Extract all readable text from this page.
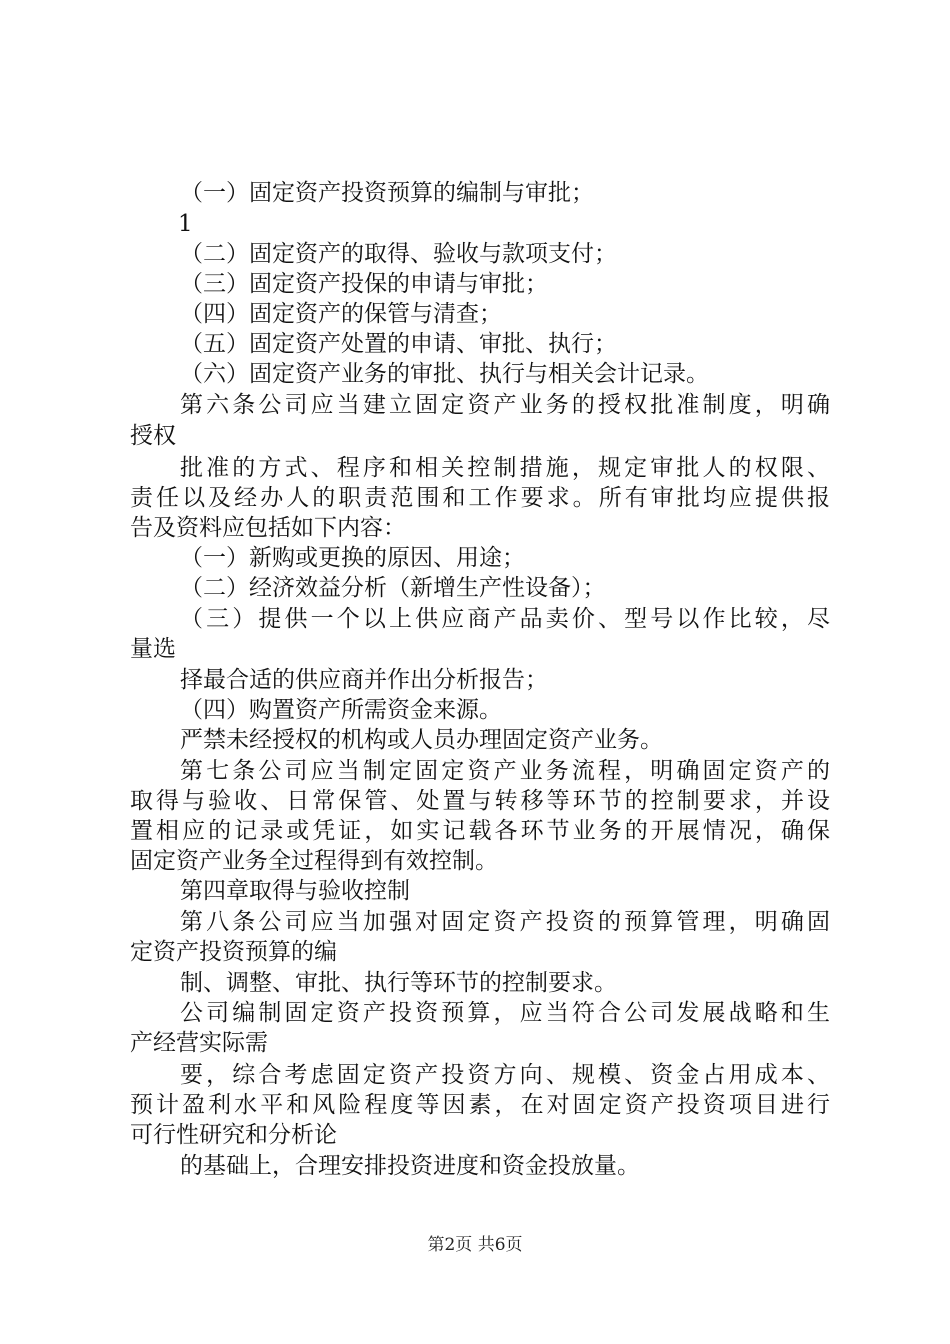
（一）固定资产投资预算的编制与审批；
1
（二）固定资产的取得、验收与款项支付；
（三）固定资产投保的申请与审批；
（四）固定资产的保管与清查；
（五）固定资产处置的申请、审批、执行；
（六）固定资产业务的审批、执行与相关会计记录。
第六条公司应当建立固定资产业务的授权批准制度，明确
授权
批准的方式、程序和相关控制措施，规定审批人的权限、
责任以及经办人的职责范围和工作要求。所有审批均应提供报
告及资料应包括如下内容：
（一）新购或更换的原因、用途；
（二）经济效益分析（新增生产性设备）；
（三）提供一个以上供应商产品卖价、型号以作比较，尽
量选
择最合适的供应商并作出分析报告；
（四）购置资产所需资金来源。
严禁未经授权的机构或人员办理固定资产业务。
第七条公司应当制定固定资产业务流程，明确固定资产的
取得与验收、日常保管、处置与转移等环节的控制要求，并设
置相应的记录或凭证，如实记载各环节业务的开展情况，确保
固定资产业务全过程得到有效控制。
第四章取得与验收控制
第八条公司应当加强对固定资产投资的预算管理，明确固
定资产投资预算的编
制、调整、审批、执行等环节的控制要求。
公司编制固定资产投资预算，应当符合公司发展战略和生
产经营实际需
要，综合考虑固定资产投资方向、规模、资金占用成本、
预计盈利水平和风险程度等因素，在对固定资产投资项目进行
可行性研究和分析论
的基础上，合理安排投资进度和资金投放量。
第2页 共6页
